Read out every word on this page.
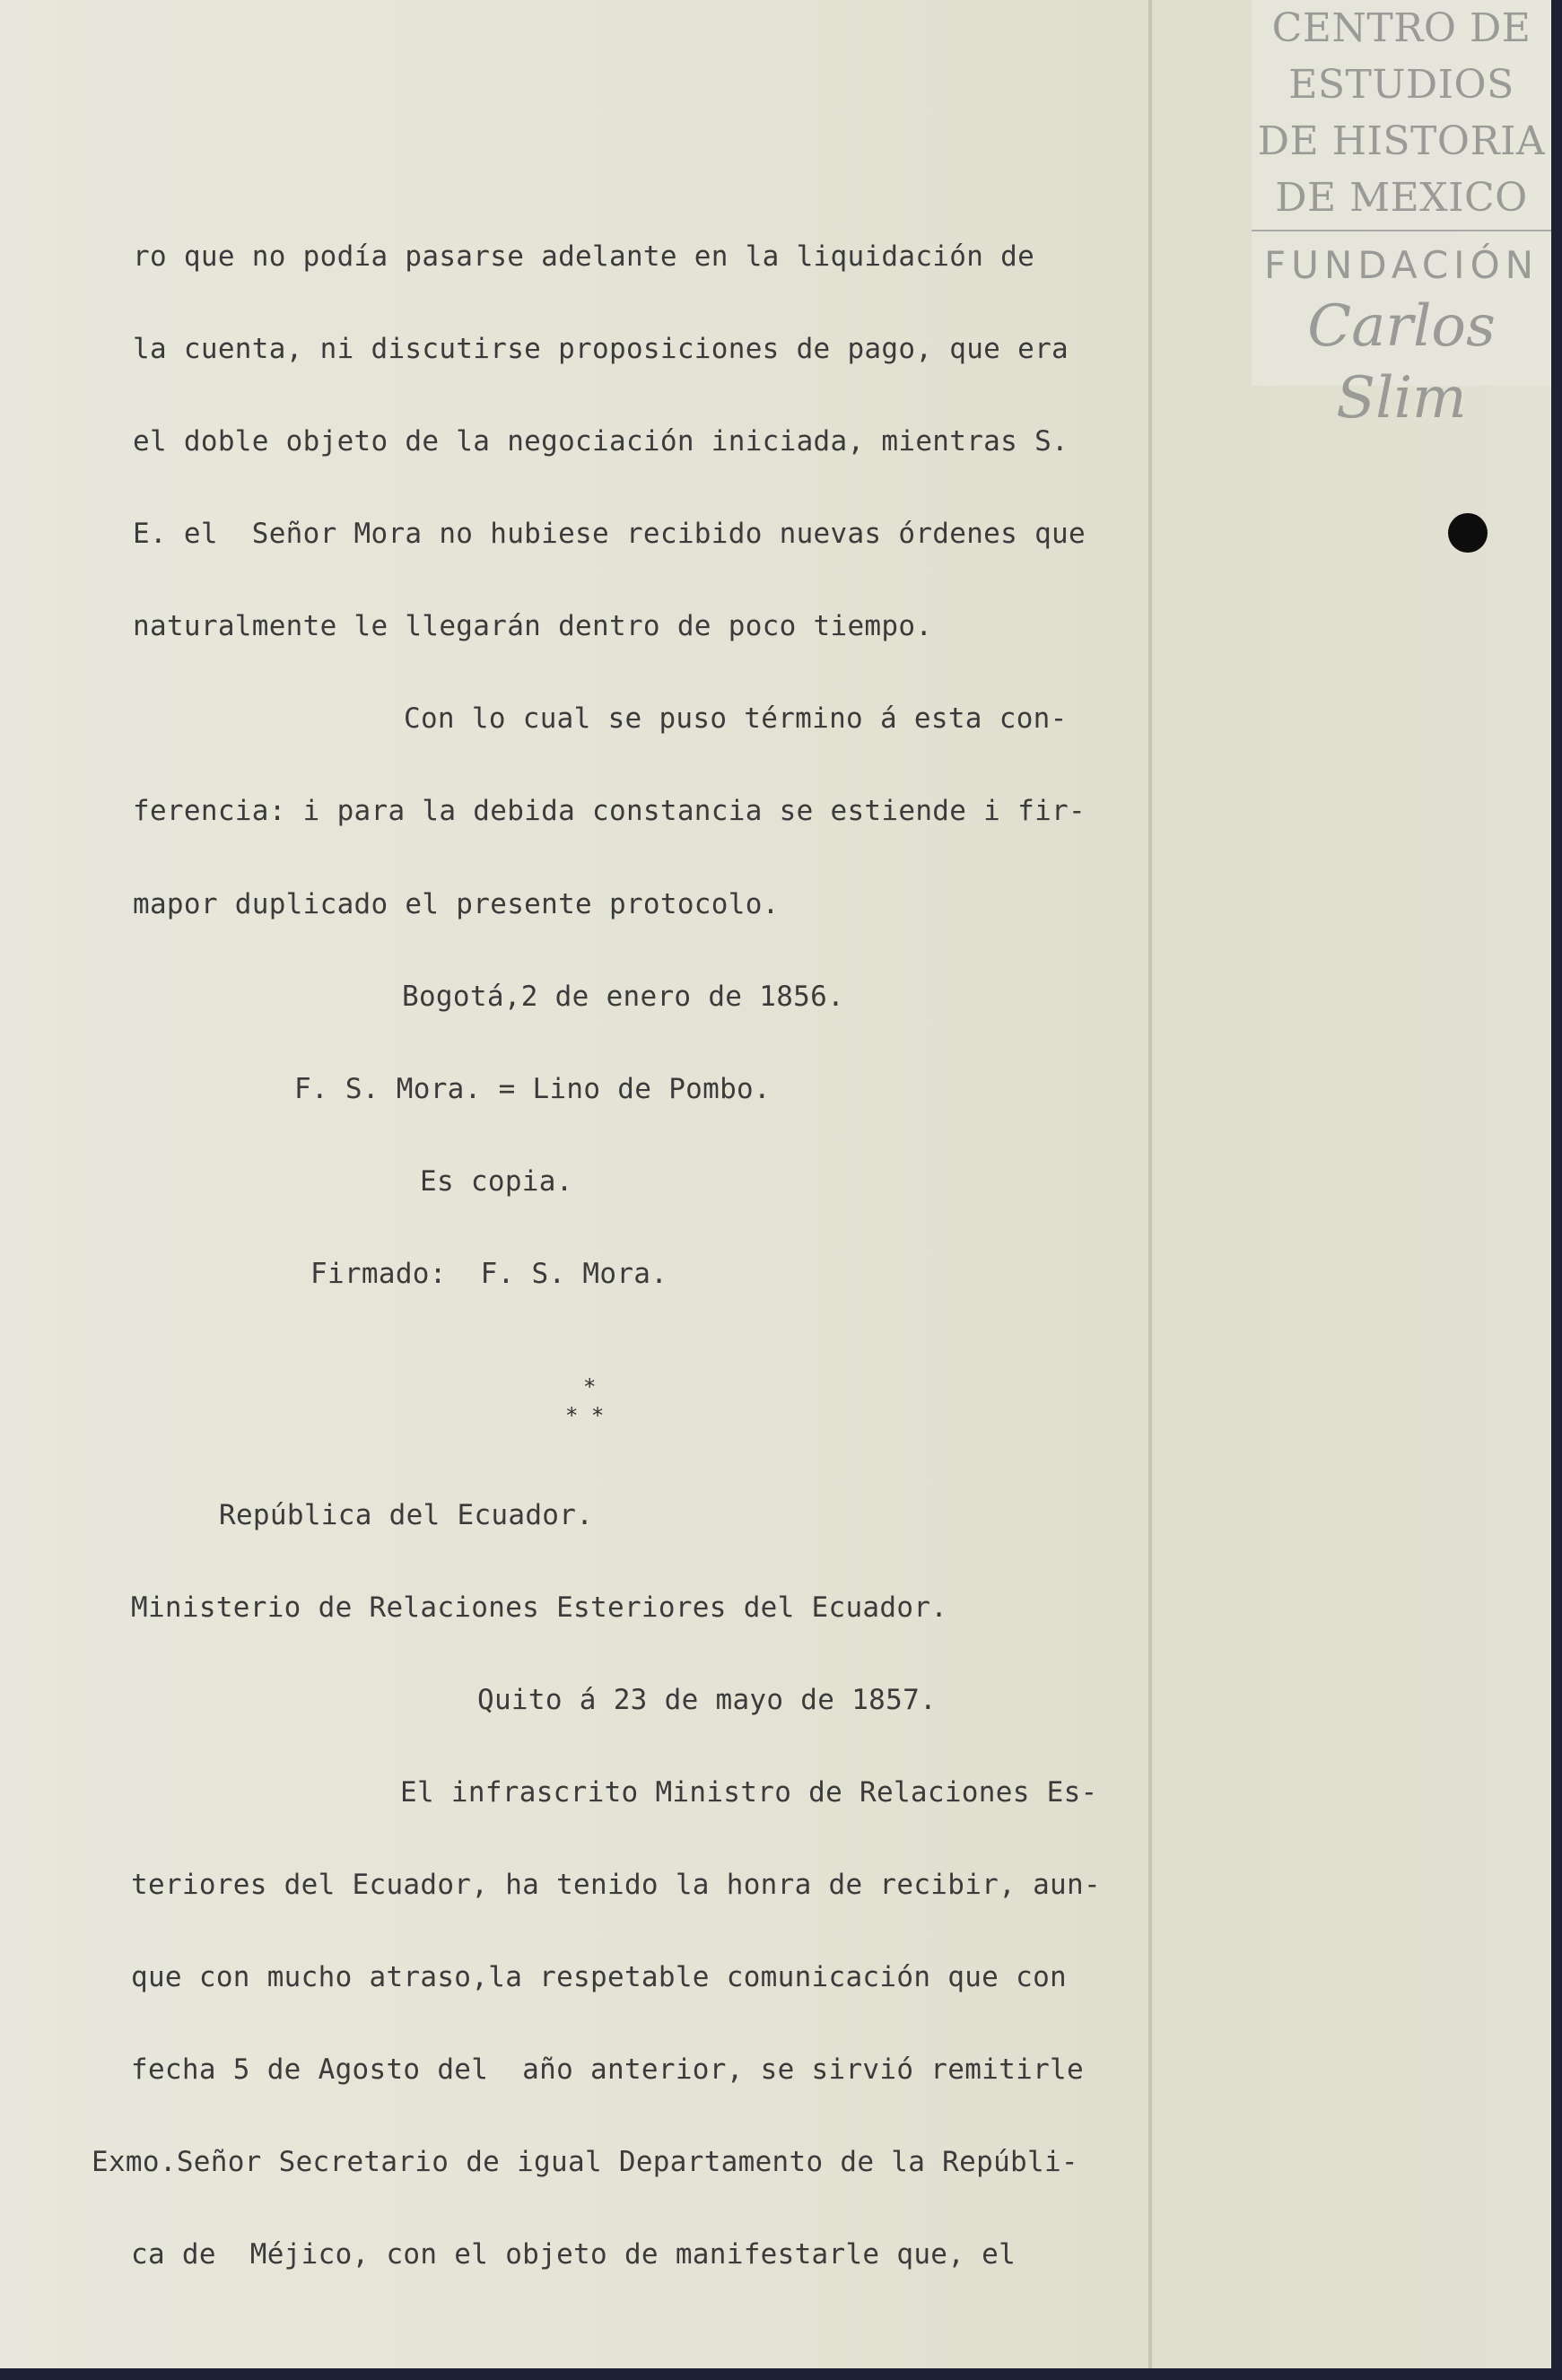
CENTRO DE
ESTUDIOS
DE HISTORIA
DE MEXICO
FUNDACIÓN
Carlos Slim
ro que no podía pasarse adelante en la liquidación de
la cuenta, ni discutirse proposiciones de pago, que era
el doble objeto de la negociación iniciada, mientras S.
E. el  Señor Mora no hubiese recibido nuevas órdenes que
naturalmente le llegarán dentro de poco tiempo.
Con lo cual se puso término á esta con-
ferencia: i para la debida constancia se estiende i fir-
mapor duplicado el presente protocolo.
Bogotá,2 de enero de 1856.
F. S. Mora. = Lino de Pombo.
Es copia.
Firmado:  F. S. Mora.
*
* *
República del Ecuador.
Ministerio de Relaciones Esteriores del Ecuador.
Quito á 23 de mayo de 1857.
El infrascrito Ministro de Relaciones Es-
teriores del Ecuador, ha tenido la honra de recibir, aun-
que con mucho atraso,la respetable comunicación que con
fecha 5 de Agosto del  año anterior, se sirvió remitirle
Exmo.Señor Secretario de igual Departamento de la Repúbli-
ca de  Méjico, con el objeto de manifestarle que, el
